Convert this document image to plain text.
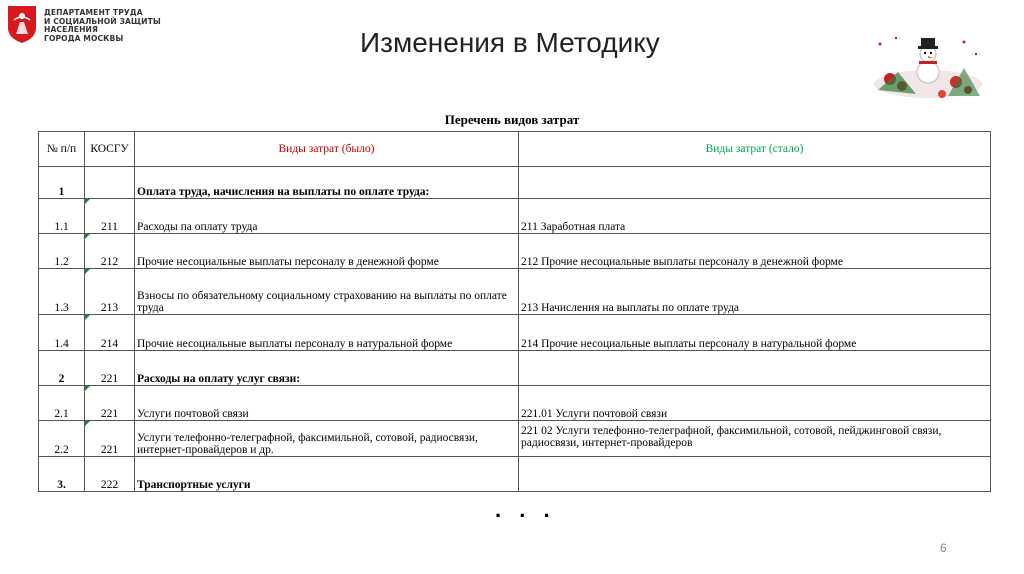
ДЕПАРТАМЕНТ ТРУДА
И СОЦИАЛЬНОЙ ЗАЩИТЫ
НАСЕЛЕНИЯ
ГОРОДА МОСКВЫ	Изменения в Методику
Перечень видов затрат
№ п/п	КОСГУ	Виды затрат (было)	Виды затрат (стало)
1		Оплата труда, начисления на выплаты по оплате труда:	
1.1	211	Расходы па оплату труда	211 Заработная плата
1.2	212	Прочие несоциальные выплаты персоналу в денежной форме	212 Прочие несоциальные выплаты персоналу в денежной форме
1.3	213	Взносы по обязательному социальному страхованию на выплаты по оплате труда	213 Начисления на выплаты по оплате труда
1.4	214	Прочие несоциальные выплаты персоналу в натуральной форме	214 Прочие несоциальные выплаты персоналу в натуральной форме
2	221	Расходы на оплату услуг связи:	
2.1	221	Услуги почтовой связи	221.01 Услуги почтовой связи
2.2	221	Услуги телефонно-телеграфной, факсимильной, сотовой, радиосвязи, интернет-провайдеров и др.	221 02 Услуги телефонно-телеграфной, факсимильной, сотовой, пейджинговой связи, радиосвязи, интернет-провайдеров
3.	222	Транспортные услуги	
. . .
6
